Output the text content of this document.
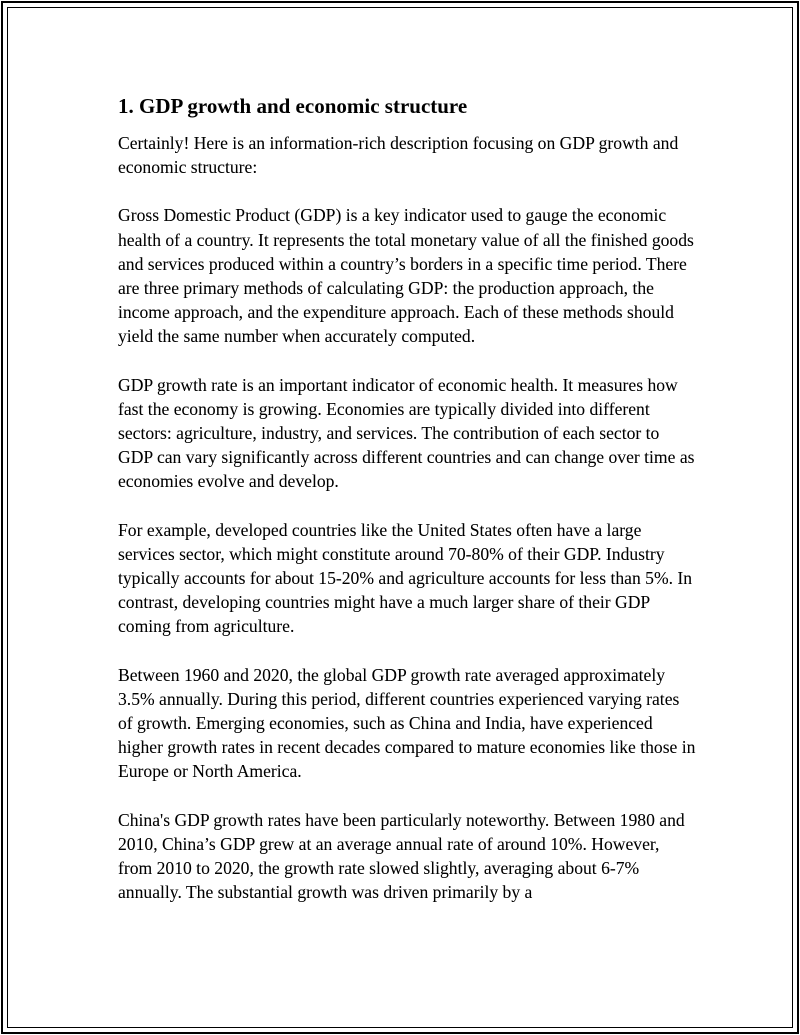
1. GDP growth and economic structure

Certainly! Here is an information-rich description focusing on GDP growth and economic structure:

Gross Domestic Product (GDP) is a key indicator used to gauge the economic health of a country. It represents the total monetary value of all the finished goods and services produced within a country’s borders in a specific time period. There are three primary methods of calculating GDP: the production approach, the income approach, and the expenditure approach. Each of these methods should yield the same number when accurately computed.

GDP growth rate is an important indicator of economic health. It measures how fast the economy is growing. Economies are typically divided into different sectors: agriculture, industry, and services. The contribution of each sector to GDP can vary significantly across different countries and can change over time as economies evolve and develop.

For example, developed countries like the United States often have a large services sector, which might constitute around 70-80% of their GDP. Industry typically accounts for about 15-20% and agriculture accounts for less than 5%. In contrast, developing countries might have a much larger share of their GDP coming from agriculture.

Between 1960 and 2020, the global GDP growth rate averaged approximately 3.5% annually. During this period, different countries experienced varying rates of growth. Emerging economies, such as China and India, have experienced higher growth rates in recent decades compared to mature economies like those in Europe or North America.

China's GDP growth rates have been particularly noteworthy. Between 1980 and 2010, China’s GDP grew at an average annual rate of around 10%. However, from 2010 to 2020, the growth rate slowed slightly, averaging about 6-7% annually. The substantial growth was driven primarily by a
